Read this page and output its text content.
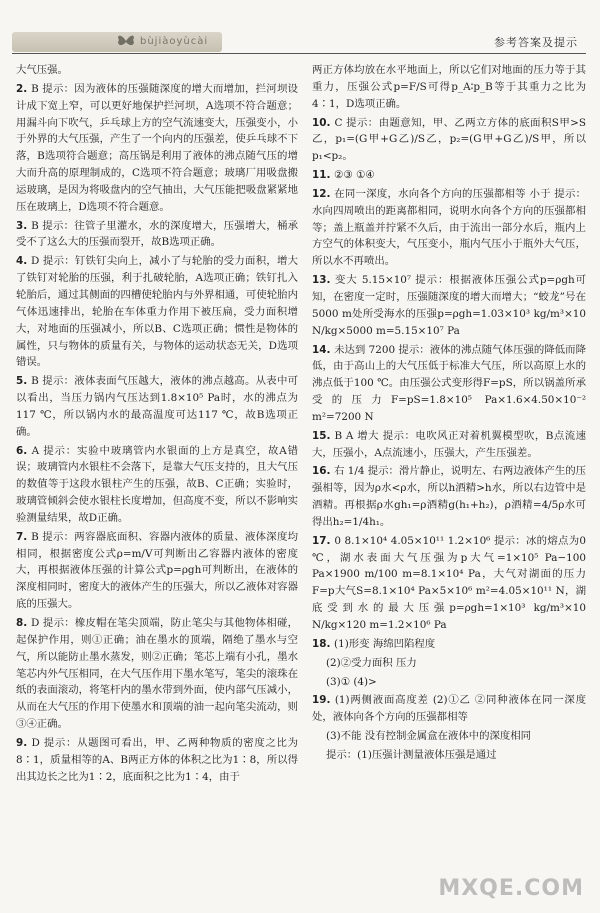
bùjiàoyùcài	参考答案及提示
大气压强。
2. B 提示：因为液体的压强随深度的增大而增加，拦河坝设计成下宽上窄，可以更好地保护拦河坝，A选项不符合题意；用漏斗向下吹气，乒乓球上方的空气流速变大，压强变小，小于外界的大气压强，产生了一个向内的压强差，使乒乓球不下落，B选项符合题意；高压锅是利用了液体的沸点随气压的增大而升高的原理制成的，C选项不符合题意；玻璃厂用吸盘搬运玻璃，是因为将吸盘内的空气抽出，大气压能把吸盘紧紧地压在玻璃上，D选项不符合题意。
3. B 提示：往管子里灌水，水的深度增大，压强增大，桶承受不了这么大的压强而裂开，故B选项正确。
4. D 提示：钉铁钉尖向上，减小了与轮胎的受力面积，增大了铁钉对轮胎的压强，利于扎破轮胎，A选项正确；铁钉扎入轮胎后，通过其侧面的四槽使轮胎内与外界相通，可使轮胎内气体迅速排出，轮胎在车体重力作用下被压扁，受力面积增大，对地面的压强减小，所以B、C选项正确；惯性是物体的属性，只与物体的质量有关，与物体的运动状态无关，D选项错误。
5. B 提示：液体表面气压越大，液体的沸点越高。从表中可以看出，当压力锅内气压达到1.8×10⁵ Pa时，水的沸点为117 ℃，所以锅内水的最高温度可达117 ℃，故B选项正确。
6. A 提示：实验中玻璃管内水银面的上方是真空，故A错误；玻璃管内水银柱不会落下，是靠大气压支持的，且大气压的数值等于这段水银柱产生的压强，故B、C正确；实验时，玻璃管倾斜会使水银柱长度增加，但高度不变，所以不影响实验测量结果，故D正确。
7. B 提示：两容器底面积、容器内液体的质量、液体深度均相同，根据密度公式ρ=m/V可判断出乙容器内液体的密度大，再根据液体压强的计算公式p=ρgh可判断出，在液体的深度相同时，密度大的液体产生的压强大，所以乙液体对容器底的压强大。
8. D 提示：橡皮帽在笔尖顶端，防止笔尖与其他物体相碰，起保护作用，则①正确；油在墨水的顶端，隔绝了墨水与空气，所以能防止墨水蒸发，则②正确；笔芯上端有小孔，墨水笔芯内外气压相同，在大气压作用下墨水笔写，笔尖的滚珠在纸的表面滚动，将笔杆内的墨水带到外面，使内部气压减小，从而在大气压的作用下使墨水和顶端的油一起向笔尖流动，则③④正确。
9. D 提示：从题图可看出，甲、乙两种物质的密度之比为8∶1，质量相等的A、B两正方体的体积之比为1∶8，所以得出其边长之比为1∶2，底面积之比为1∶4，由于
两正方体均放在水平地面上，所以它们对地面的压力等于其重力，压强公式p=F/S可得p_A∶p_B等于其重力之比为4∶1，D选项正确。
10. C 提示：由题意知，甲、乙两立方体的底面积S甲>S乙，p₁=(G甲+G乙)/S乙，p₂=(G甲+G乙)/S甲，所以p₁<p₂。
11. ②③ ①④
12. 在同一深度，水向各个方向的压强都相等 小于 提示：水向四周喷出的距离都相同，说明水向各个方向的压强都相等；盖上瓶盖并拧紧不久后，由于流出一部分水后，瓶内上方空气的体积变大，气压变小，瓶内气压小于瓶外大气压，所以水不再喷出。
13. 变大 5.15×10⁷ 提示：根据液体压强公式p=ρgh可知，在密度一定时，压强随深度的增大而增大；“蛟龙”号在5000 m处所受海水的压强p=ρgh=1.03×10³ kg/m³×10 N/kg×5000 m=5.15×10⁷ Pa
14. 未达到 7200 提示：液体的沸点随气体压强的降低而降低，由于高山上的大气压低于标准大气压，所以高原上水的沸点低于100 ℃。由压强公式变形得F=pS，所以锅盖所承受的压力F=pS=1.8×10⁵ Pa×1.6×4.50×10⁻² m²=7200 N
15. B A 增大 提示：电吹风正对着机翼模型吹，B点流速大，压强小，A点流速小，压强大，产生压强差。
16. 右 1/4 提示：滑片静止，说明左、右两边液体产生的压强相等，因为ρ水<ρ水，所以h酒精>h水，所以右边管中是酒精。再根据ρ水gh₁=ρ酒精g(h₁+h₂)，ρ酒精=4/5ρ水可得出h₂=1/4h₁。
17. 0 8.1×10⁴ 4.05×10¹¹ 1.2×10⁶ 提示：冰的熔点为0 ℃，湖水表面大气压强为p大气=1×10⁵ Pa−100 Pa×1900 m/100 m=8.1×10⁴ Pa，大气对湖面的压力F=p大气S=8.1×10⁴ Pa×5×10⁶ m²=4.05×10¹¹ N，湖底受到水的最大压强p=ρgh=1×10³ kg/m³×10 N/kg×120 m=1.2×10⁶ Pa
18. (1)形变 海绵凹陷程度
(2)②受力面积 压力
(3)① (4)>
19. (1)两侧液面高度差 (2)①乙 ②同种液体在同一深度处，液体向各个方向的压强都相等
(3)不能 没有控制金属盒在液体中的深度相同
提示：(1)压强计测量液体压强是通过
MXQE.COM
